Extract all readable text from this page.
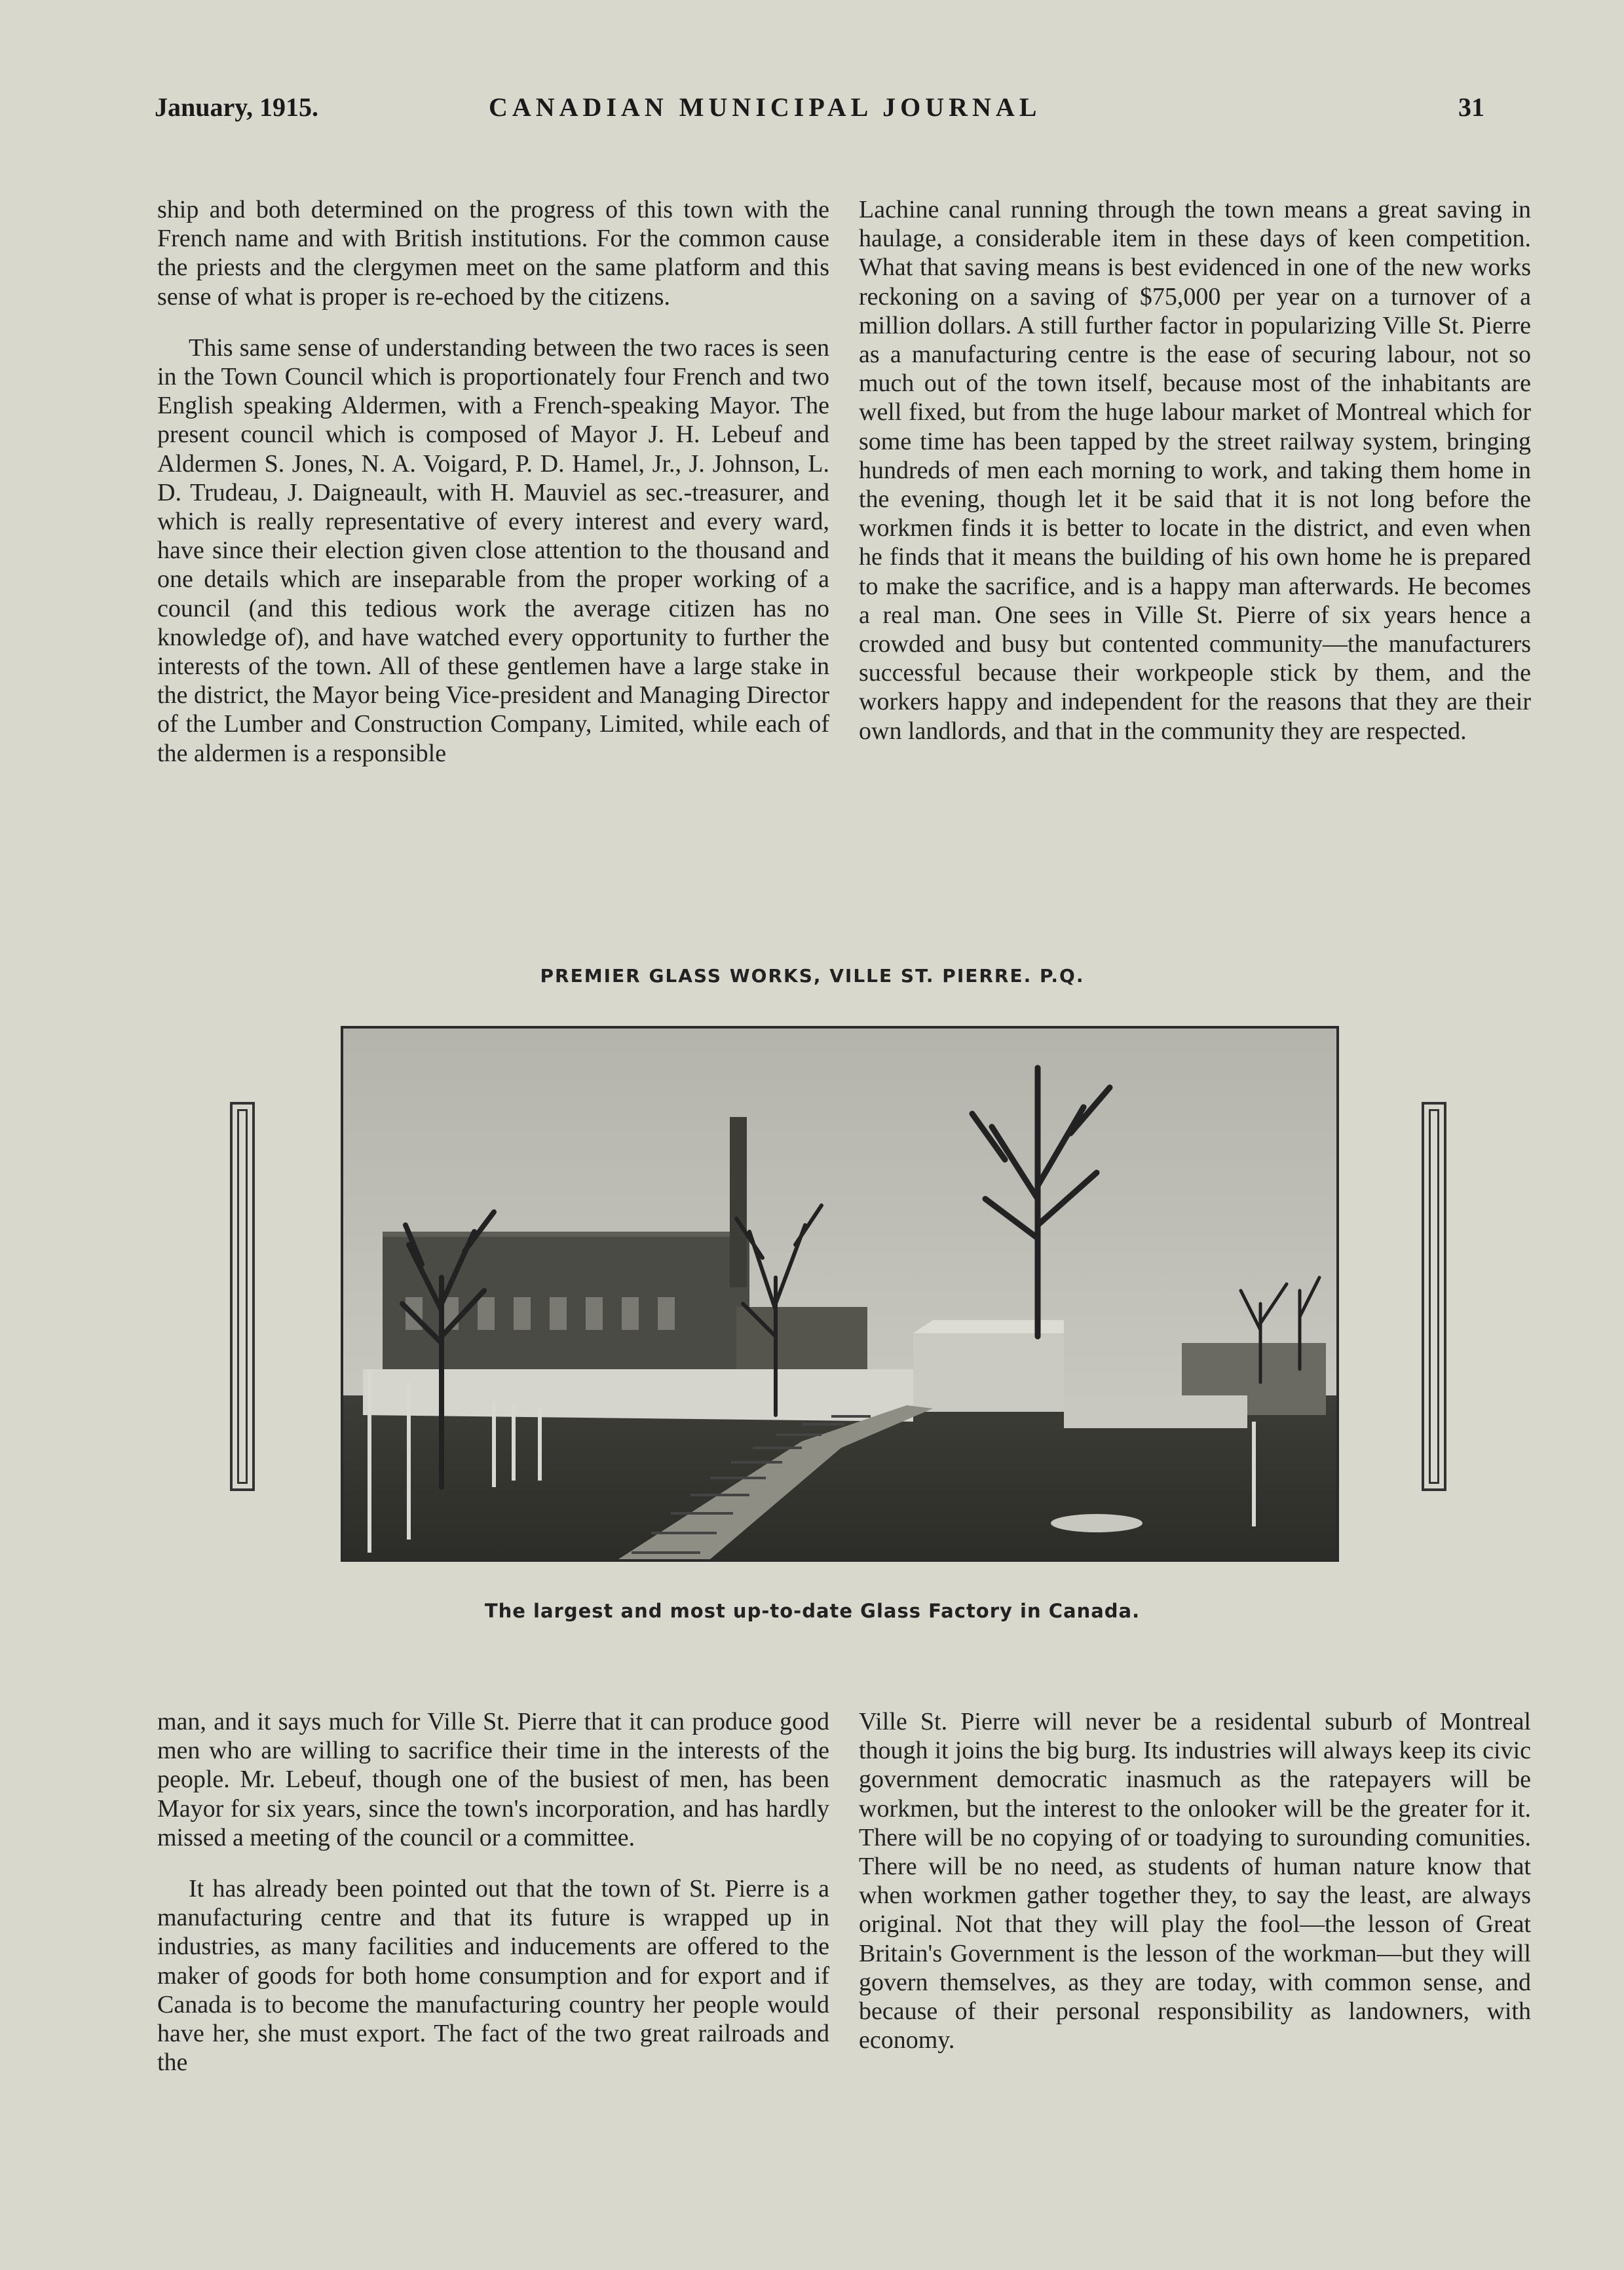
January, 1915.	CANADIAN MUNICIPAL JOURNAL	31

ship and both determined on the progress of this town with the French name and with British institutions. For the common cause the priests and the clergymen meet on the same platform and this sense of what is proper is re-echoed by the citizens.

This same sense of understanding between the two races is seen in the Town Council which is proportionately four French and two English speaking Aldermen, with a French-speaking Mayor. The present council which is composed of Mayor J. H. Lebeuf and Aldermen S. Jones, N. A. Voigard, P. D. Hamel, Jr., J. Johnson, L. D. Trudeau, J. Daigneault, with H. Mauviel as sec.-treasurer, and which is really representative of every interest and every ward, have since their election given close attention to the thousand and one details which are inseparable from the proper working of a council (and this tedious work the average citizen has no knowledge of), and have watched every opportunity to further the interests of the town. All of these gentlemen have a large stake in the district, the Mayor being Vice-president and Managing Director of the Lumber and Construction Company, Limited, while each of the aldermen is a responsible

Lachine canal running through the town means a great saving in haulage, a considerable item in these days of keen competition. What that saving means is best evidenced in one of the new works reckoning on a saving of $75,000 per year on a turnover of a million dollars. A still further factor in popularizing Ville St. Pierre as a manufacturing centre is the ease of securing labour, not so much out of the town itself, because most of the inhabitants are well fixed, but from the huge labour market of Montreal which for some time has been tapped by the street railway system, bringing hundreds of men each morning to work, and taking them home in the evening, though let it be said that it is not long before the workmen finds it is better to locate in the district, and even when he finds that it means the building of his own home he is prepared to make the sacrifice, and is a happy man afterwards. He becomes a real man. One sees in Ville St. Pierre of six years hence a crowded and busy but contented community—the manufacturers successful because their workpeople stick by them, and the workers happy and independent for the reasons that they are their own landlords, and that in the community they are respected.

PREMIER GLASS WORKS, VILLE ST. PIERRE. P.Q.
The largest and most up-to-date Glass Factory in Canada.

man, and it says much for Ville St. Pierre that it can produce good men who are willing to sacrifice their time in the interests of the people. Mr. Lebeuf, though one of the busiest of men, has been Mayor for six years, since the town's incorporation, and has hardly missed a meeting of the council or a committee.

It has already been pointed out that the town of St. Pierre is a manufacturing centre and that its future is wrapped up in industries, as many facilities and inducements are offered to the maker of goods for both home consumption and for export and if Canada is to become the manufacturing country her people would have her, she must export. The fact of the two great railroads and the

Ville St. Pierre will never be a residental suburb of Montreal though it joins the big burg. Its industries will always keep its civic government democratic inasmuch as the ratepayers will be workmen, but the interest to the onlooker will be the greater for it. There will be no copying of or toadying to surounding comunities. There will be no need, as students of human nature know that when workmen gather together they, to say the least, are always original. Not that they will play the fool—the lesson of Great Britain's Government is the lesson of the workman—but they will govern themselves, as they are today, with common sense, and because of their personal responsibility as landowners, with economy.
